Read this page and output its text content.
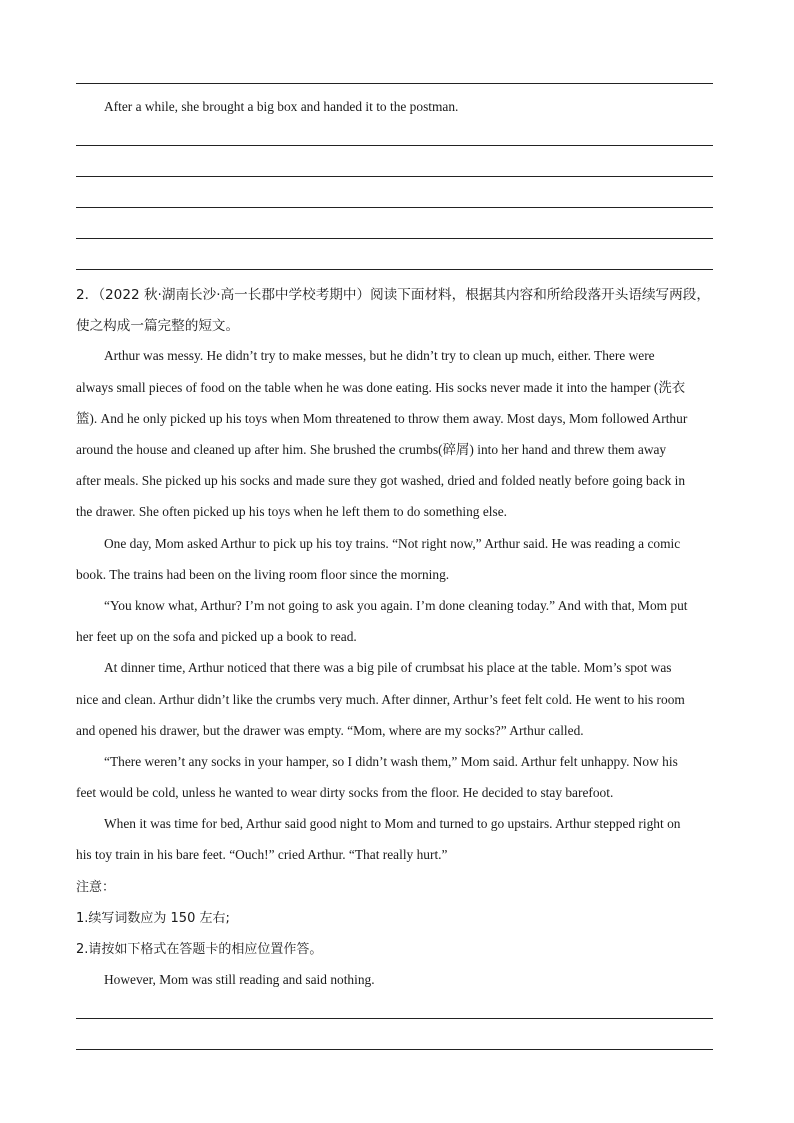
After a while, she brought a big box and handed it to the postman.
2．（2022 秋·湖南长沙·高一长郡中学校考期中）阅读下面材料，根据其内容和所给段落开头语续写两段，
使之构成一篇完整的短文。
Arthur was messy. He didn’t try to make messes, but he didn’t try to clean up much, either. There were
always small pieces of food on the table when he was done eating. His socks never made it into the hamper (洗衣
篮). And he only picked up his toys when Mom threatened to throw them away. Most days, Mom followed Arthur
around the house and cleaned up after him. She brushed the crumbs(碎屑) into her hand and threw them away
after meals. She picked up his socks and made sure they got washed, dried and folded neatly before going back in
the drawer. She often picked up his toys when he left them to do something else.
One day, Mom asked Arthur to pick up his toy trains. “Not right now,” Arthur said. He was reading a comic
book. The trains had been on the living room floor since the morning.
“You know what, Arthur? I’m not going to ask you again. I’m done cleaning today.” And with that, Mom put
her feet up on the sofa and picked up a book to read.
At dinner time, Arthur noticed that there was a big pile of crumbsat his place at the table. Mom’s spot was
nice and clean. Arthur didn’t like the crumbs very much. After dinner, Arthur’s feet felt cold. He went to his room
and opened his drawer, but the drawer was empty. “Mom, where are my socks?” Arthur called.
“There weren’t any socks in your hamper, so I didn’t wash them,” Mom said. Arthur felt unhappy. Now his
feet would be cold, unless he wanted to wear dirty socks from the floor. He decided to stay barefoot.
When it was time for bed, Arthur said good night to Mom and turned to go upstairs. Arthur stepped right on
his toy train in his bare feet. “Ouch!” cried Arthur. “That really hurt.”
注意：
1.续写词数应为 150 左右;
2.请按如下格式在答题卡的相应位置作答。
However, Mom was still reading and said nothing.
